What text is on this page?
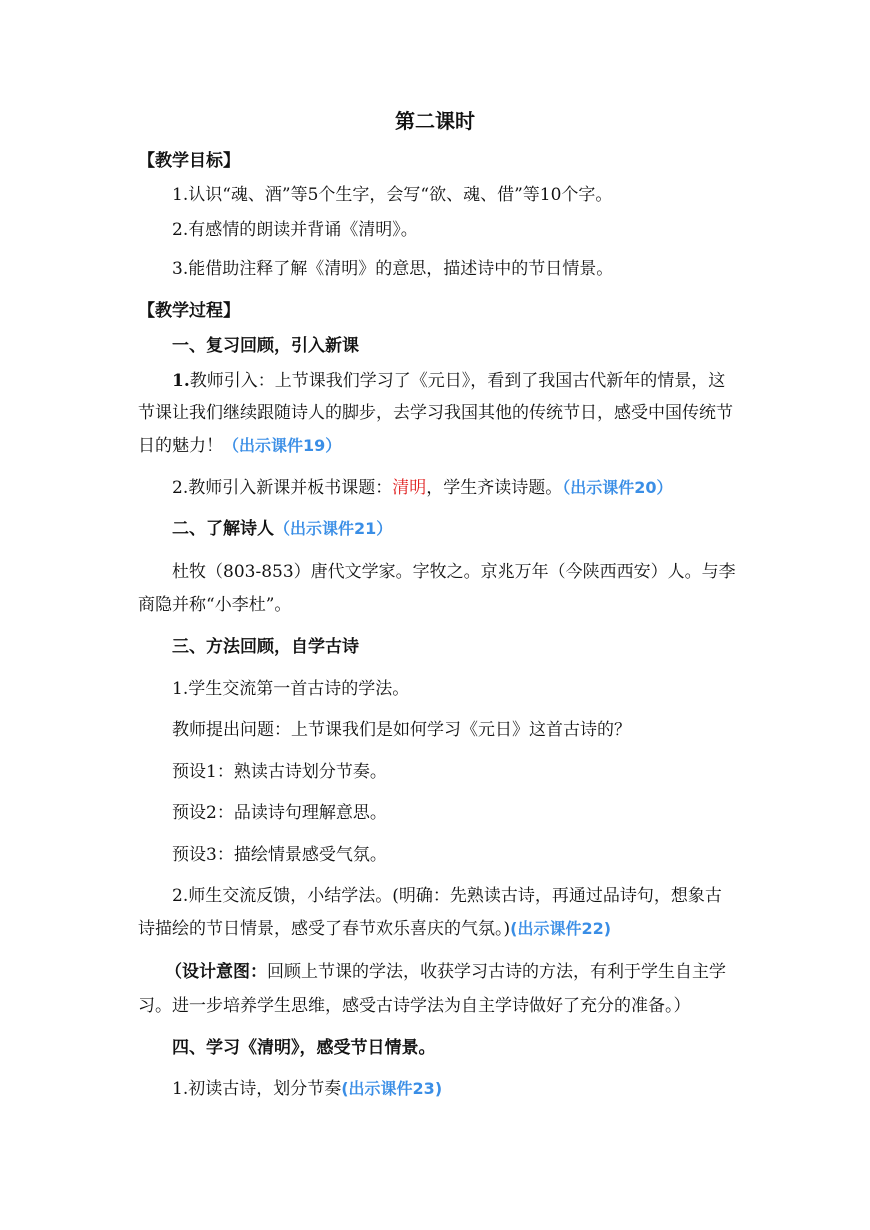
第二课时
【教学目标】
1.认识“魂、酒”等5个生字，会写“欲、魂、借”等10个字。
2.有感情的朗读并背诵《清明》。
3.能借助注释了解《清明》的意思，描述诗中的节日情景。
【教学过程】
一、复习回顾，引入新课
1.教师引入：上节课我们学习了《元日》，看到了我国古代新年的情景，这
节课让我们继续跟随诗人的脚步，去学习我国其他的传统节日，感受中国传统节
日的魅力！（出示课件19）
2.教师引入新课并板书课题：清明，学生齐读诗题。（出示课件20）
二、了解诗人（出示课件21）
杜牧（803-853）唐代文学家。字牧之。京兆万年（今陕西西安）人。与李
商隐并称“小李杜”。
三、方法回顾，自学古诗
1.学生交流第一首古诗的学法。
教师提出问题：上节课我们是如何学习《元日》这首古诗的？
预设1：熟读古诗划分节奏。
预设2：品读诗句理解意思。
预设3：描绘情景感受气氛。
2.师生交流反馈，小结学法。(明确：先熟读古诗，再通过品诗句，想象古
诗描绘的节日情景，感受了春节欢乐喜庆的气氛。)(出示课件22)
（设计意图：回顾上节课的学法，收获学习古诗的方法，有利于学生自主学
习。进一步培养学生思维，感受古诗学法为自主学诗做好了充分的准备。）
四、学习《清明》，感受节日情景。
1.初读古诗，划分节奏(出示课件23)
